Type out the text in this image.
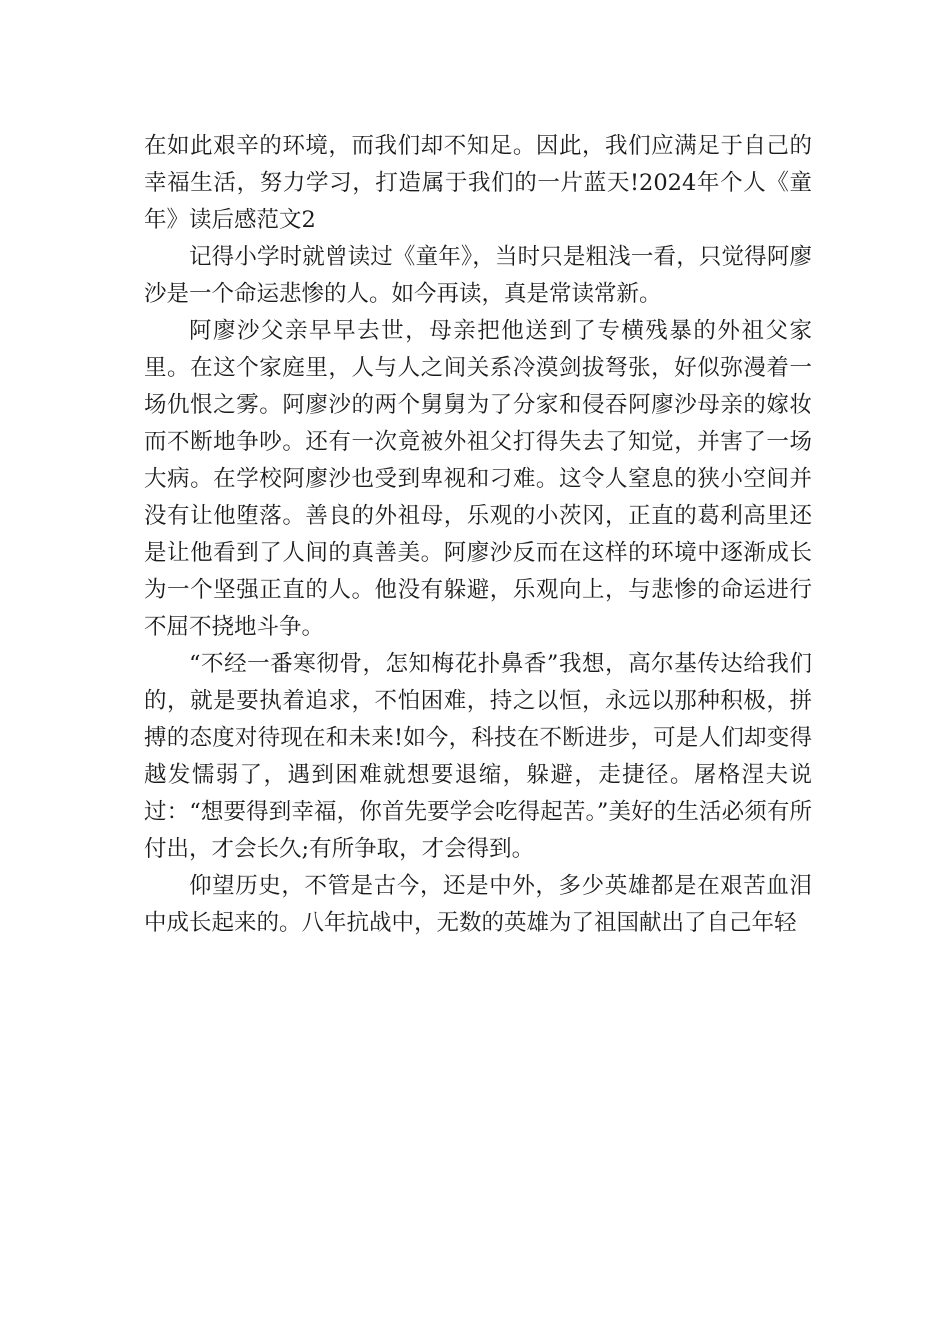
在如此艰辛的环境，而我们却不知足。因此，我们应满足于自己的幸福生活，努力学习，打造属于我们的一片蓝天!2024年个人《童年》读后感范文2

记得小学时就曾读过《童年》，当时只是粗浅一看，只觉得阿廖沙是一个命运悲惨的人。如今再读，真是常读常新。

阿廖沙父亲早早去世，母亲把他送到了专横残暴的外祖父家里。在这个家庭里，人与人之间关系冷漠剑拔弩张，好似弥漫着一场仇恨之雾。阿廖沙的两个舅舅为了分家和侵吞阿廖沙母亲的嫁妆而不断地争吵。还有一次竟被外祖父打得失去了知觉，并害了一场大病。在学校阿廖沙也受到卑视和刁难。这令人窒息的狭小空间并没有让他堕落。善良的外祖母，乐观的小茨冈，正直的葛利高里还是让他看到了人间的真善美。阿廖沙反而在这样的环境中逐渐成长为一个坚强正直的人。他没有躲避，乐观向上，与悲惨的命运进行不屈不挠地斗争。

“不经一番寒彻骨，怎知梅花扑鼻香”我想，高尔基传达给我们的，就是要执着追求，不怕困难，持之以恒，永远以那种积极，拼搏的态度对待现在和未来!如今，科技在不断进步，可是人们却变得越发懦弱了，遇到困难就想要退缩，躲避，走捷径。屠格涅夫说过：“想要得到幸福，你首先要学会吃得起苦。”美好的生活必须有所付出，才会长久;有所争取，才会得到。

仰望历史，不管是古今，还是中外，多少英雄都是在艰苦血泪中成长起来的。八年抗战中，无数的英雄为了祖国献出了自己年轻
